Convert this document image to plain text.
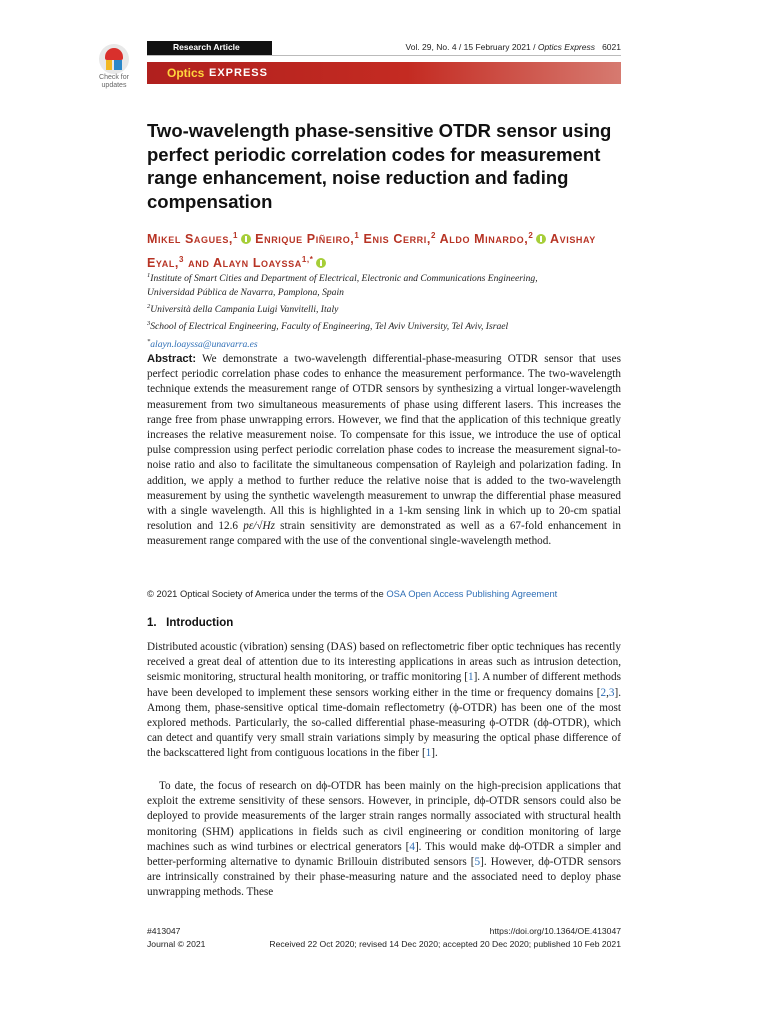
Check for
updates
Research Article	Vol. 29, No. 4 / 15 February 2021 / Optics Express 6021
Optics EXPRESS
Two-wavelength phase-sensitive OTDR sensor using perfect periodic correlation codes for measurement range enhancement, noise reduction and fading compensation
Mikel Sagues,$^1$ Enrique Piñeiro,$^1$ Enis Cerri,$^2$ Aldo Minardo,$^2$ Avishay Eyal,$^3$ and Alayn Loayssa$^{1,*}$
$^1$Institute of Smart Cities and Department of Electrical, Electronic and Communications Engineering,
Universidad Pública de Navarra, Pamplona, Spain
$^2$Università della Campania Luigi Vanvitelli, Italy
$^3$School of Electrical Engineering, Faculty of Engineering, Tel Aviv University, Tel Aviv, Israel
*alayn.loayssa@unavarra.es
Abstract: We demonstrate a two-wavelength differential-phase-measuring OTDR sensor that uses perfect periodic correlation phase codes to enhance the measurement performance. The two-wavelength technique extends the measurement range of OTDR sensors by synthesizing a virtual longer-wavelength measurement from two simultaneous measurements of phase using different lasers. This increases the range free from phase unwrapping errors. However, we find that the application of this technique greatly increases the relative measurement noise. To compensate for this issue, we introduce the use of optical pulse compression using perfect periodic correlation phase codes to increase the measurement signal-to-noise ratio and also to facilitate the simultaneous compensation of Rayleigh and polarization fading. In addition, we apply a method to further reduce the relative noise that is added to the two-wavelength measurement by using the synthetic wavelength measurement to unwrap the differential phase measured with a single wavelength. All this is highlighted in a 1-km sensing link in which up to 20-cm spatial resolution and 12.6 pε/√Hz strain sensitivity are demonstrated as well as a 67-fold enhancement in measurement range compared with the use of the conventional single-wavelength method.
© 2021 Optical Society of America under the terms of the OSA Open Access Publishing Agreement
1.   Introduction
Distributed acoustic (vibration) sensing (DAS) based on reflectometric fiber optic techniques has recently received a great deal of attention due to its interesting applications in areas such as intrusion detection, seismic monitoring, structural health monitoring, or traffic monitoring [1]. A number of different methods have been developed to implement these sensors working either in the time or frequency domains [2,3]. Among them, phase-sensitive optical time-domain reflectometry (ϕ-OTDR) has been one of the most explored methods. Particularly, the so-called differential phase-measuring ϕ-OTDR (dϕ-OTDR), which can detect and quantify very small strain variations simply by measuring the optical phase difference of the backscattered light from contiguous locations in the fiber [1].
To date, the focus of research on dϕ-OTDR has been mainly on the high-precision applications that exploit the extreme sensitivity of these sensors. However, in principle, dϕ-OTDR sensors could also be deployed to provide measurements of the larger strain ranges normally associated with structural health monitoring (SHM) applications in fields such as civil engineering or condition monitoring of large machines such as wind turbines or electrical generators [4]. This would make dϕ-OTDR a simpler and better-performing alternative to dynamic Brillouin distributed sensors [5]. However, dϕ-OTDR sensors are intrinsically constrained by their phase-measuring nature and the associated need to deploy phase unwrapping methods. These
#413047
Journal © 2021
https://doi.org/10.1364/OE.413047
Received 22 Oct 2020; revised 14 Dec 2020; accepted 20 Dec 2020; published 10 Feb 2021
